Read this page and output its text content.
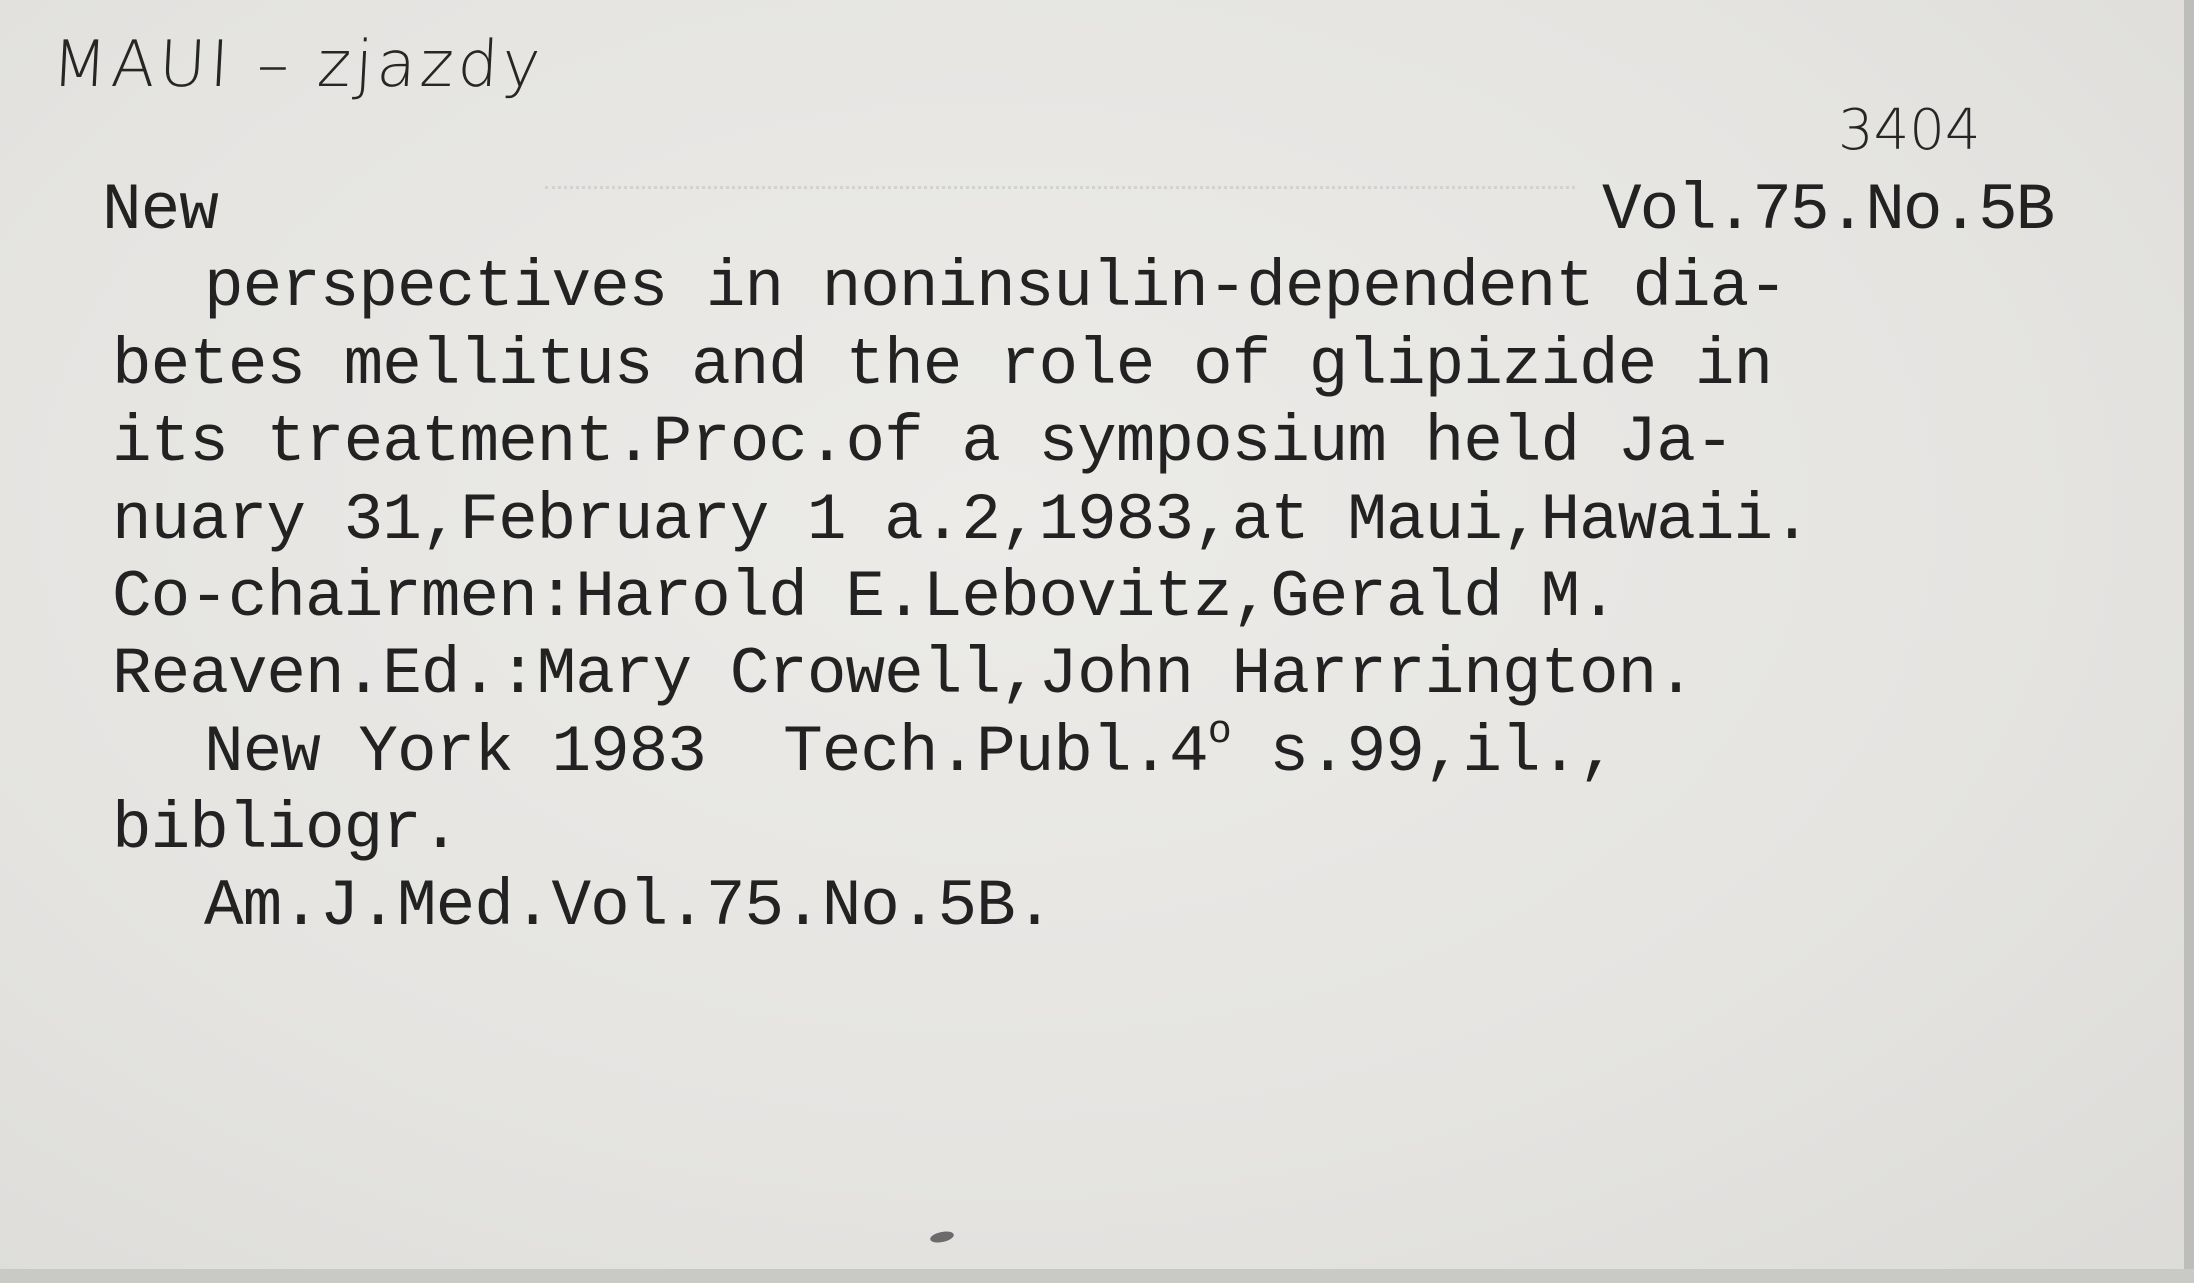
MAUI – zjazdy
3404
New	Vol.75.No.5B
perspectives in noninsulin-dependent dia-
betes mellitus and the role of glipizide in
its treatment.Proc.of a symposium held Ja-
nuary 31,February 1 a.2,1983,at Maui,Hawaii.
Co-chairmen:Harold E.Lebovitz,Gerald M.
Reaven.Ed.:Mary Crowell,John Harrrington.
New York 1983  Tech.Publ.4$^o$ s.99,il.,
bibliogr.
Am.J.Med.Vol.75.No.5B.
